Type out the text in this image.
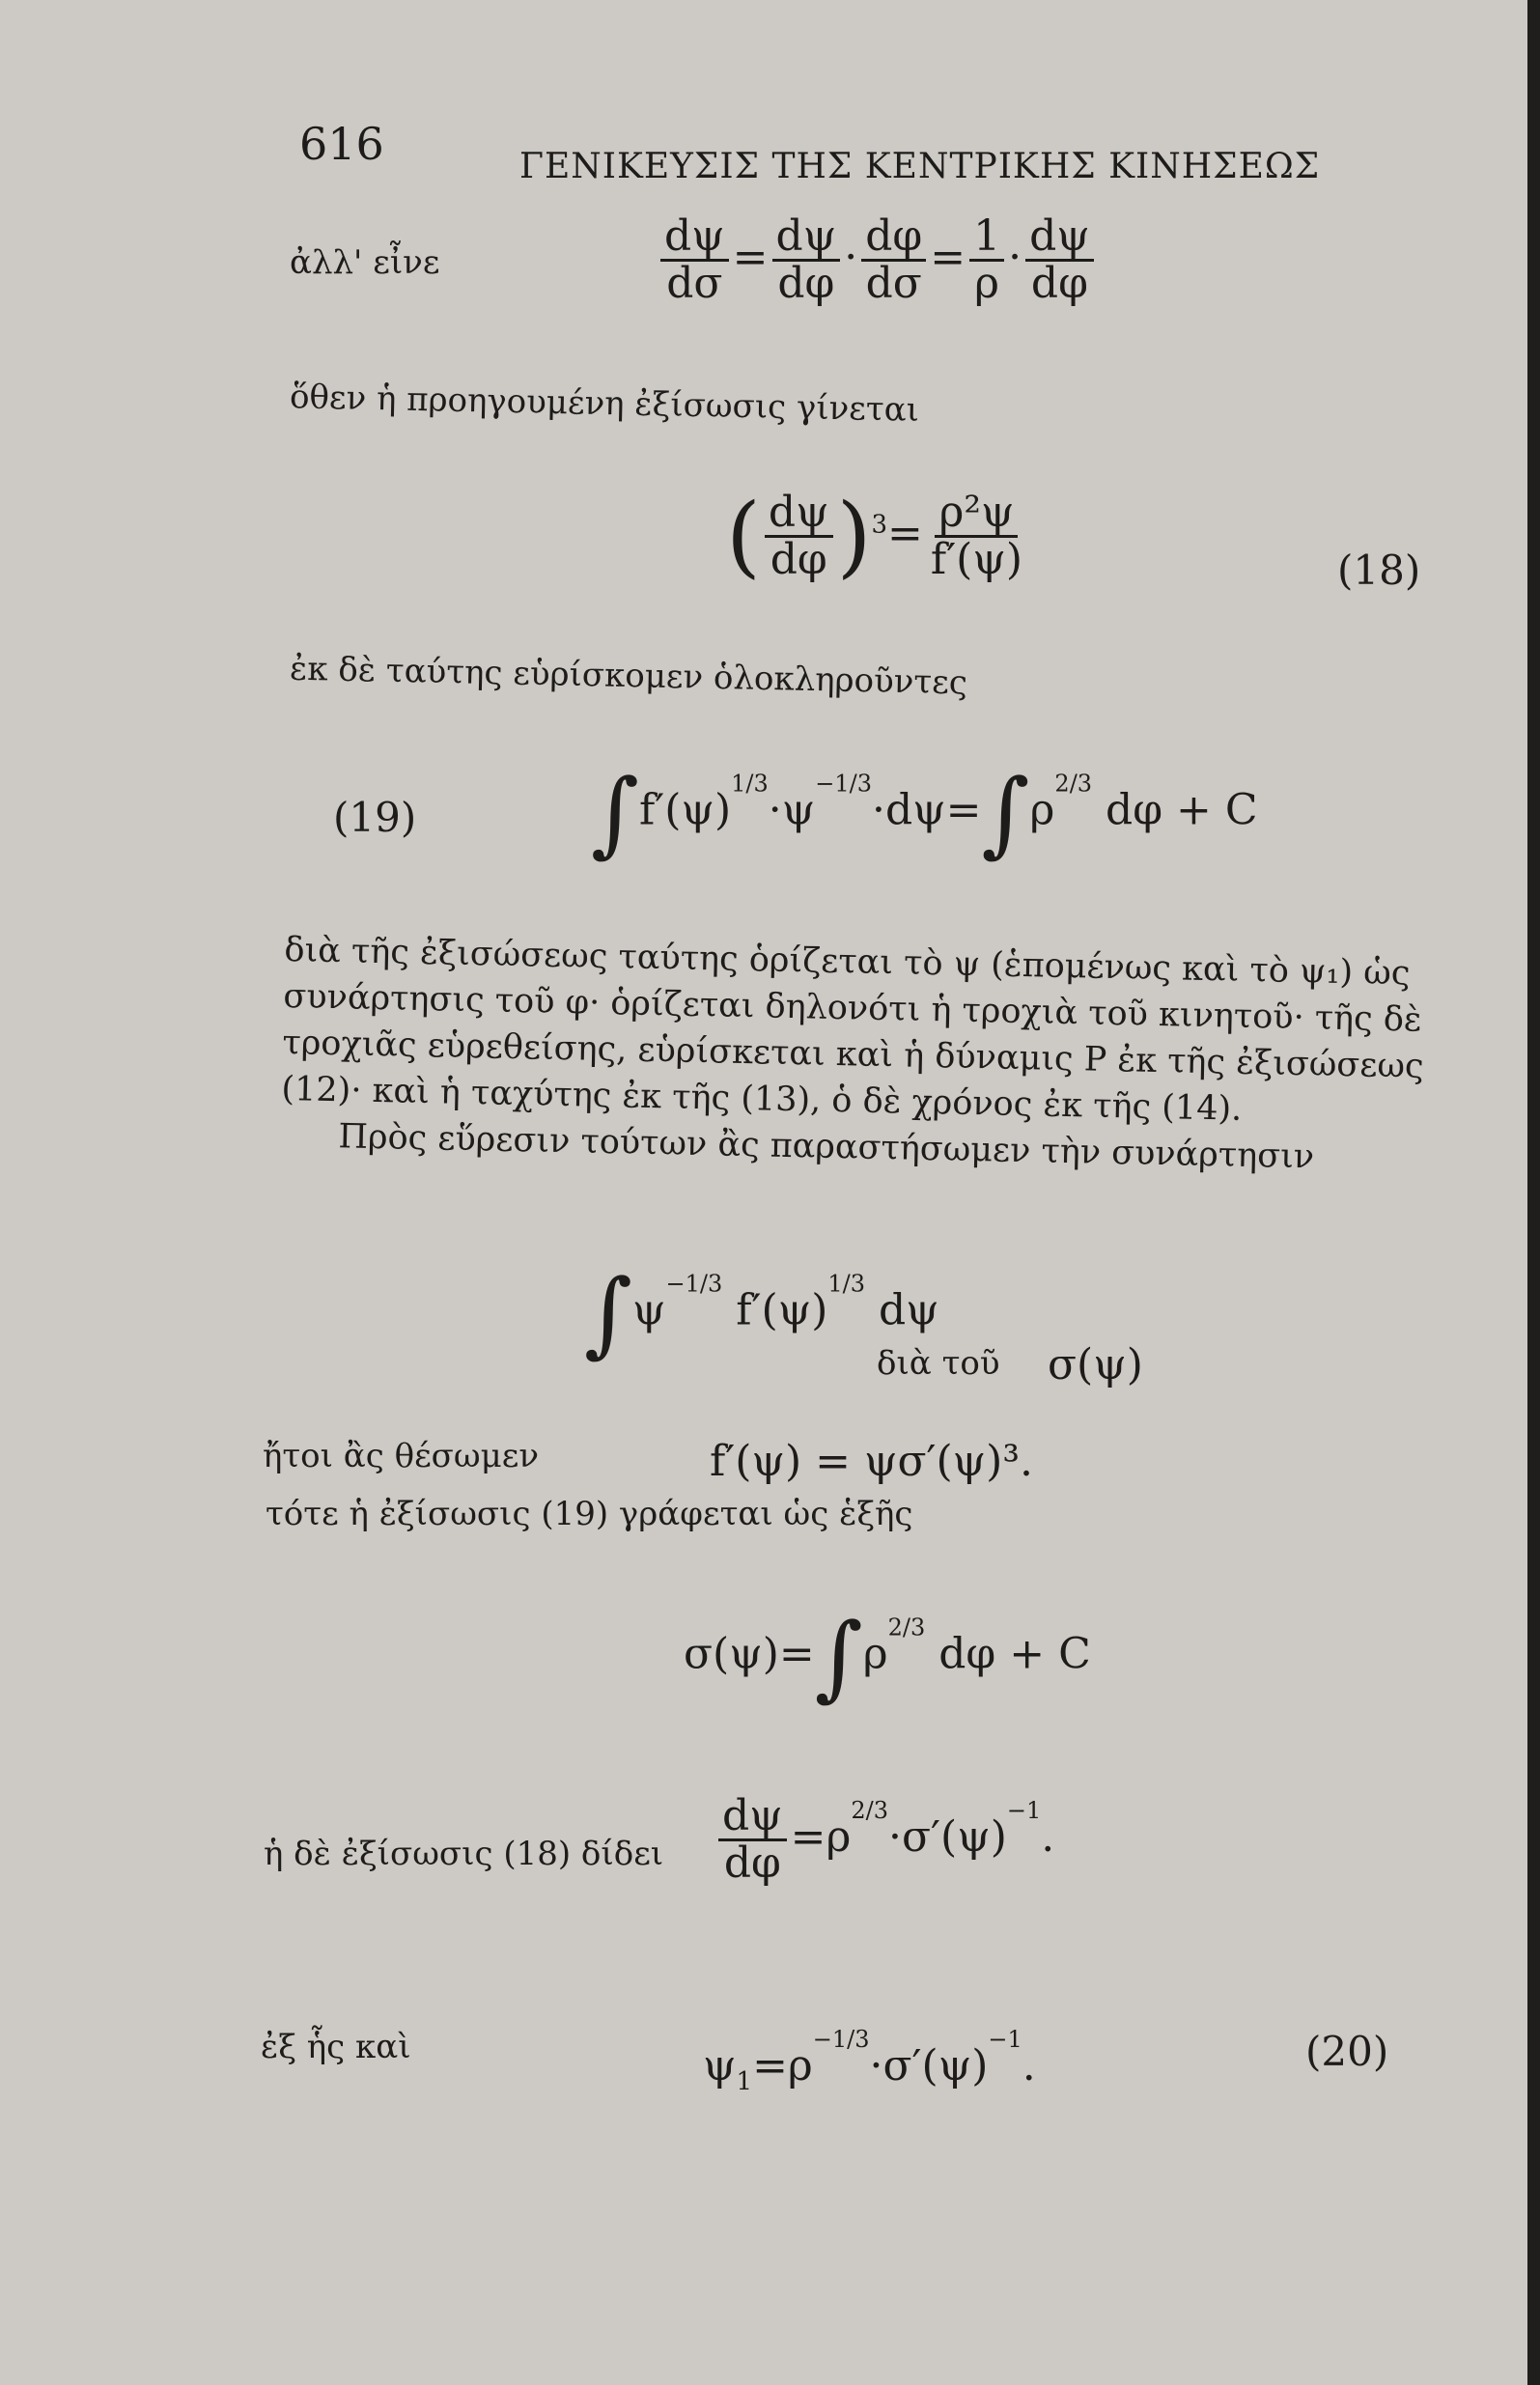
616	ΓΕΝΙΚΕΥΣΙΣ ΤΗΣ ΚΕΝΤΡΙΚΗΣ ΚΙΝΗΣΕΩΣ
ἀλλ' εἶνε	$\frac{d\psi}{d\sigma} = \frac{d\psi}{d\varphi} \cdot \frac{d\varphi}{d\sigma} = \frac{1}{\rho} \cdot \frac{d\psi}{d\varphi}$
ὅθεν ἡ προηγουμένη ἐξίσωσις γίνεται
( $\frac{d\psi}{d\varphi} )^3= \frac{\text{ρ²ψ}}{f'(\psi)}$	(18)
ἐκ δὲ ταύτης εὑρίσκομεν ὁλοκληροῦντες
(19) $\int f'(\psi)^{1/3}\cdot\psi^{-1/3}\cdot d\psi=\int\rho^{2/3}$ dφ + C

διὰ τῆς ἐξισώσεως ταύτης ὁρίζεται τὸ ψ (ἑπομένως καὶ τὸ ψ₁) ὡς συνάρτησις τοῦ φ· ὁρίζεται δηλονότι ἡ τροχιὰ τοῦ κινητοῦ· τῆς δὲ τροχιᾶς εὑρεθείσης, εὑρίσκεται καὶ ἡ δύναμις P ἐκ τῆς ἐξισώσεως (12)· καὶ ἡ ταχύτης ἐκ τῆς (13), ὁ δὲ χρόνος ἐκ τῆς (14).

Πρὸς εὕρεσιν τούτων ἂς παραστήσωμεν τὴν συνάρτησιν

$\int\psi^{-1/3}$ $f'(\psi)^{1/3}$ dψ
διὰ τοῦ σ(ψ)
ἤτοι ἂς θέσωμεν	f′(ψ) = ψσ′(ψ)³.
τότε ἡ ἐξίσωσις (19) γράφεται ὡς ἑξῆς
$\sigma(\psi)=\int\rho^{2/3}$ dφ + C
ἡ δὲ ἐξίσωσις (18) δίδει $\frac{d\psi}{d\varphi} =\rho^{2/3}\cdot\sigma'(\psi)^{-1}$.
ἐξ ἧς καὶ	$\psi_1=\rho^{-1/3}\cdot\sigma'(\psi)^{-1}$.	(20)
